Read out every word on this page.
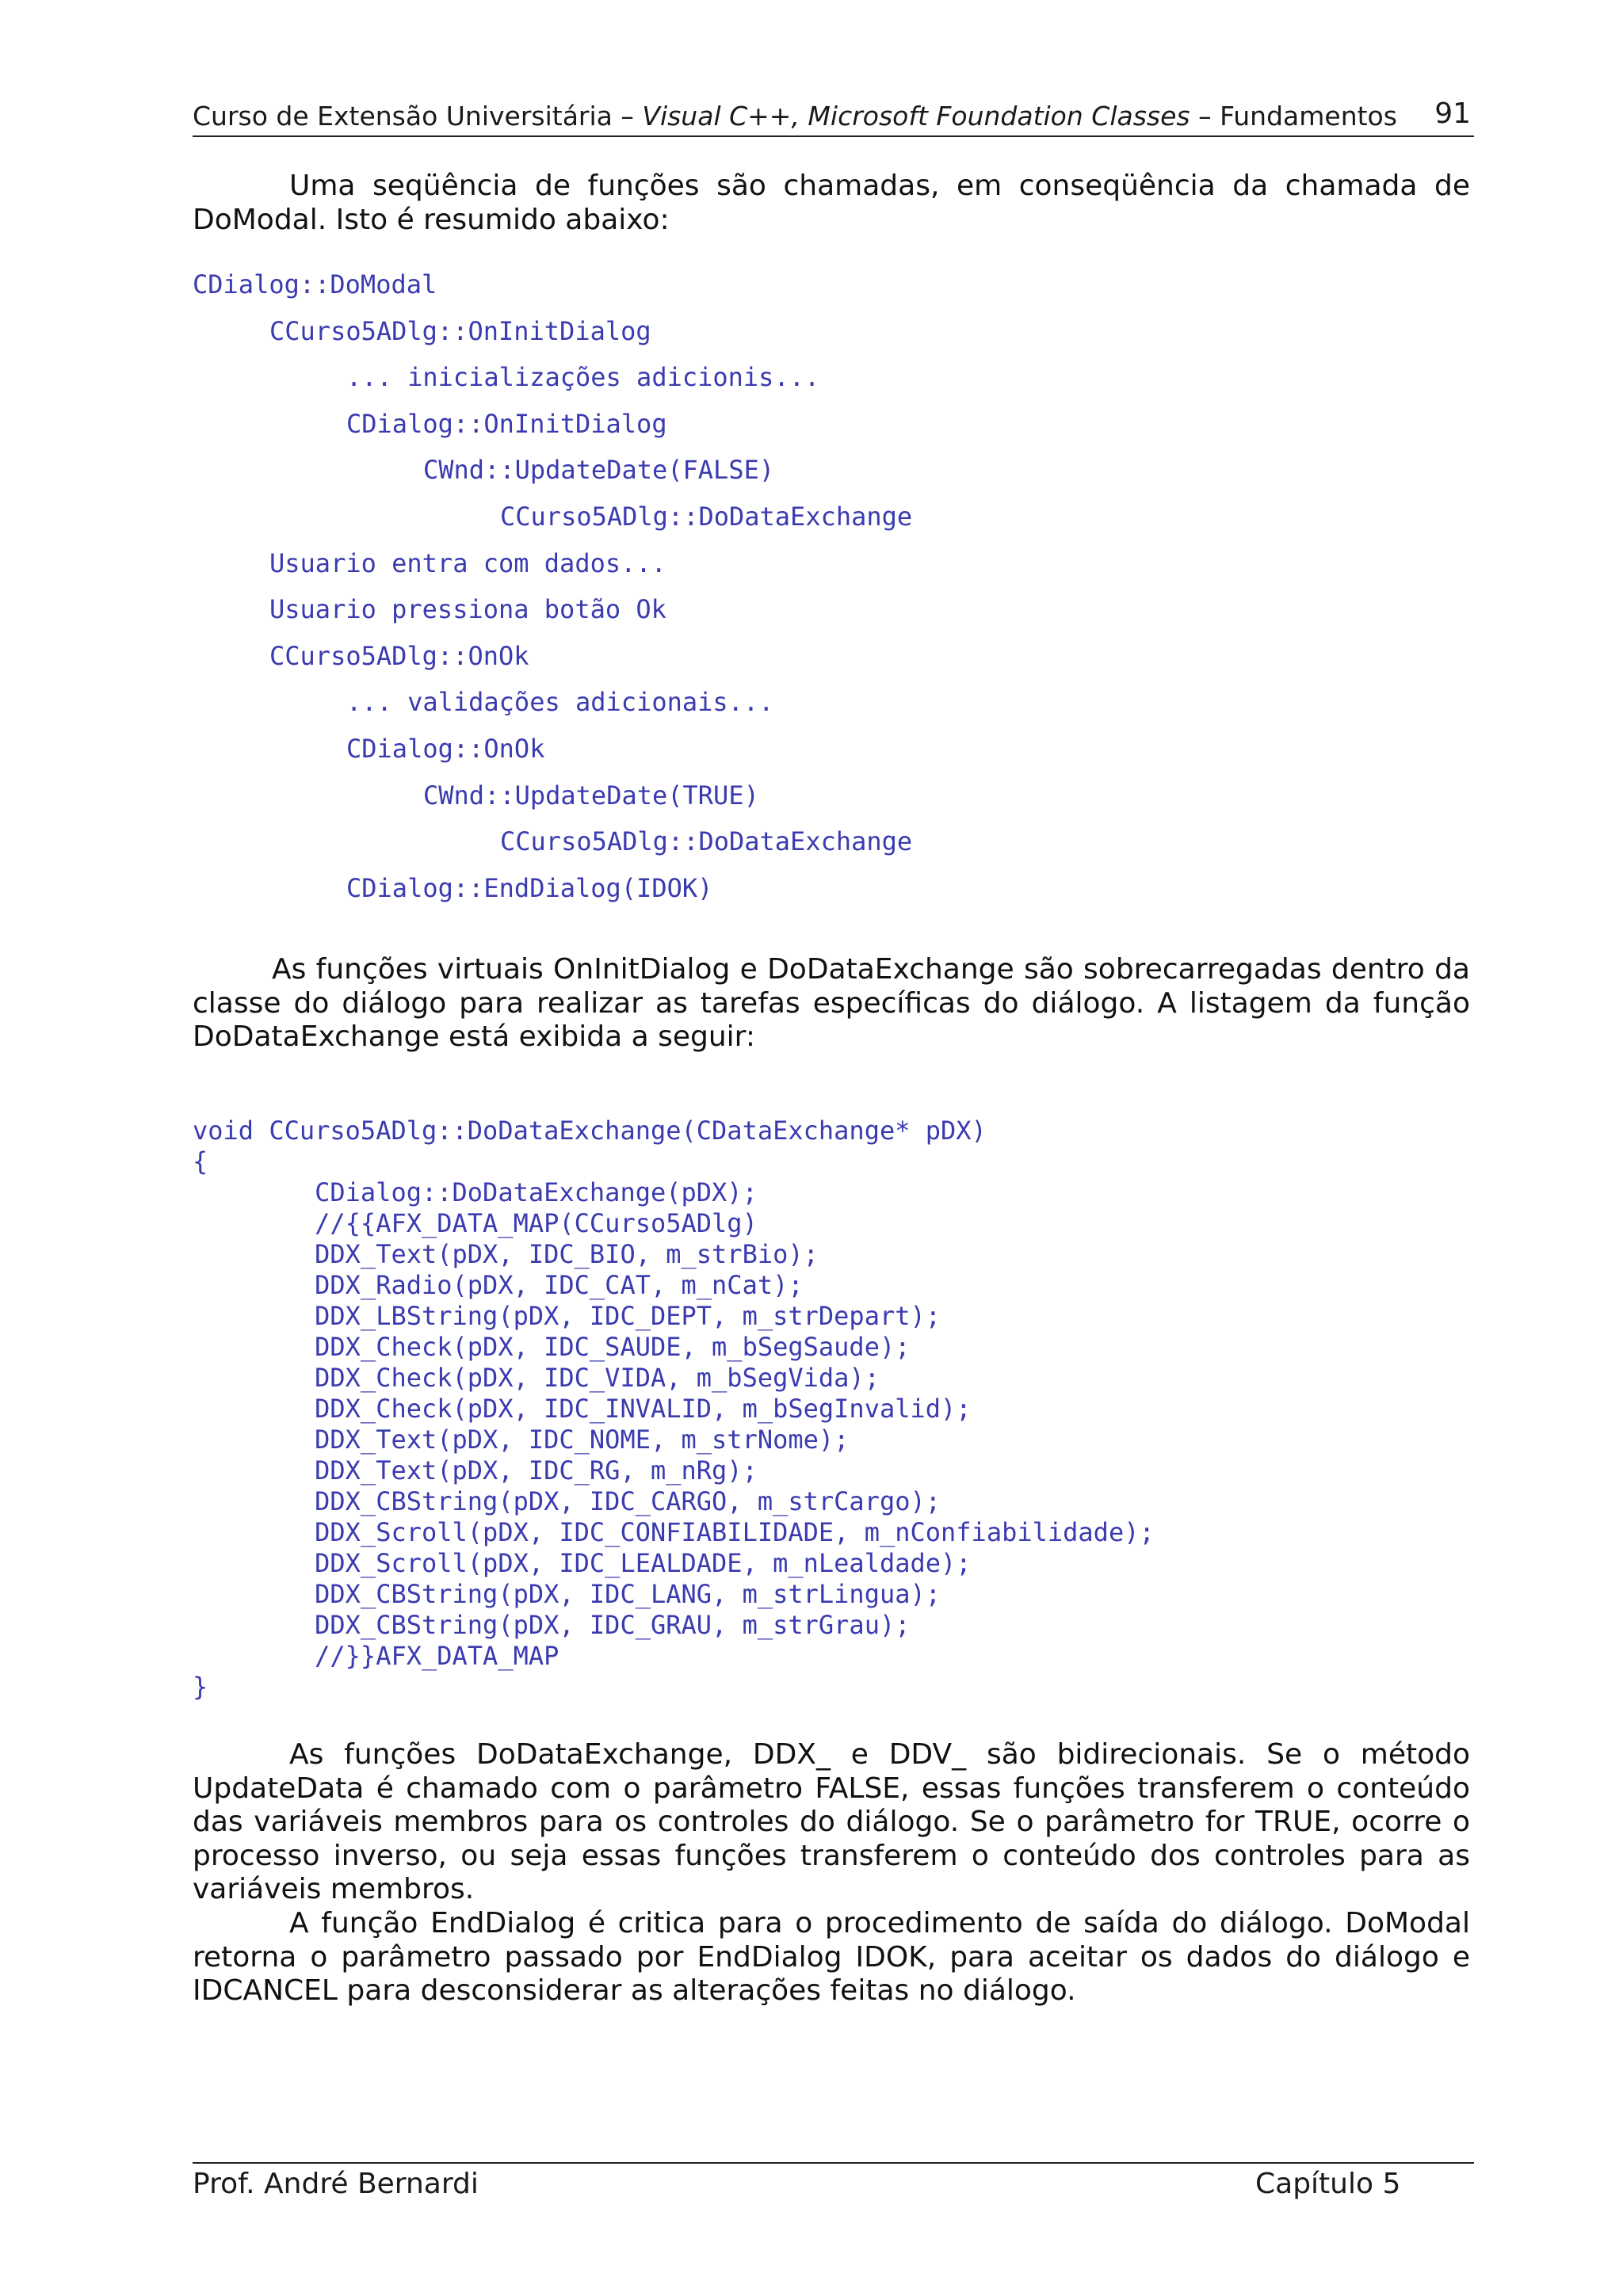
Curso de Extensão Universitária – Visual C++, Microsoft Foundation Classes – Fundamentos	91
Uma seqüência de funções são chamadas, em conseqüência da chamada de DoModal. Isto é resumido abaixo:
CDialog::DoModal
CCurso5ADlg::OnInitDialog
... inicializações adicionis...
CDialog::OnInitDialog
CWnd::UpdateDate(FALSE)
CCurso5ADlg::DoDataExchange
Usuario entra com dados...
Usuario pressiona botão Ok
CCurso5ADlg::OnOk
... validações adicionais...
CDialog::OnOk
CWnd::UpdateDate(TRUE)
CCurso5ADlg::DoDataExchange
CDialog::EndDialog(IDOK)
As funções virtuais OnInitDialog e DoDataExchange são sobrecarregadas dentro da classe do diálogo para realizar as tarefas específicas do diálogo. A listagem da função DoDataExchange está exibida a seguir:
void CCurso5ADlg::DoDataExchange(CDataExchange* pDX)
{
CDialog::DoDataExchange(pDX);
//{{AFX_DATA_MAP(CCurso5ADlg)
DDX_Text(pDX, IDC_BIO, m_strBio);
DDX_Radio(pDX, IDC_CAT, m_nCat);
DDX_LBString(pDX, IDC_DEPT, m_strDepart);
DDX_Check(pDX, IDC_SAUDE, m_bSegSaude);
DDX_Check(pDX, IDC_VIDA, m_bSegVida);
DDX_Check(pDX, IDC_INVALID, m_bSegInvalid);
DDX_Text(pDX, IDC_NOME, m_strNome);
DDX_Text(pDX, IDC_RG, m_nRg);
DDX_CBString(pDX, IDC_CARGO, m_strCargo);
DDX_Scroll(pDX, IDC_CONFIABILIDADE, m_nConfiabilidade);
DDX_Scroll(pDX, IDC_LEALDADE, m_nLealdade);
DDX_CBString(pDX, IDC_LANG, m_strLingua);
DDX_CBString(pDX, IDC_GRAU, m_strGrau);
//}}AFX_DATA_MAP
}
As funções DoDataExchange, DDX_ e DDV_ são bidirecionais. Se o método UpdateData é chamado com o parâmetro FALSE, essas funções transferem o conteúdo das variáveis membros para os controles do diálogo. Se o parâmetro for TRUE, ocorre o processo inverso, ou seja essas funções transferem o conteúdo dos controles para as variáveis membros.
A função EndDialog é critica para o procedimento de saída do diálogo. DoModal retorna o parâmetro passado por EndDialog IDOK, para aceitar os dados do diálogo e IDCANCEL para desconsiderar as alterações feitas no diálogo.
Prof. André Bernardi	Capítulo 5
